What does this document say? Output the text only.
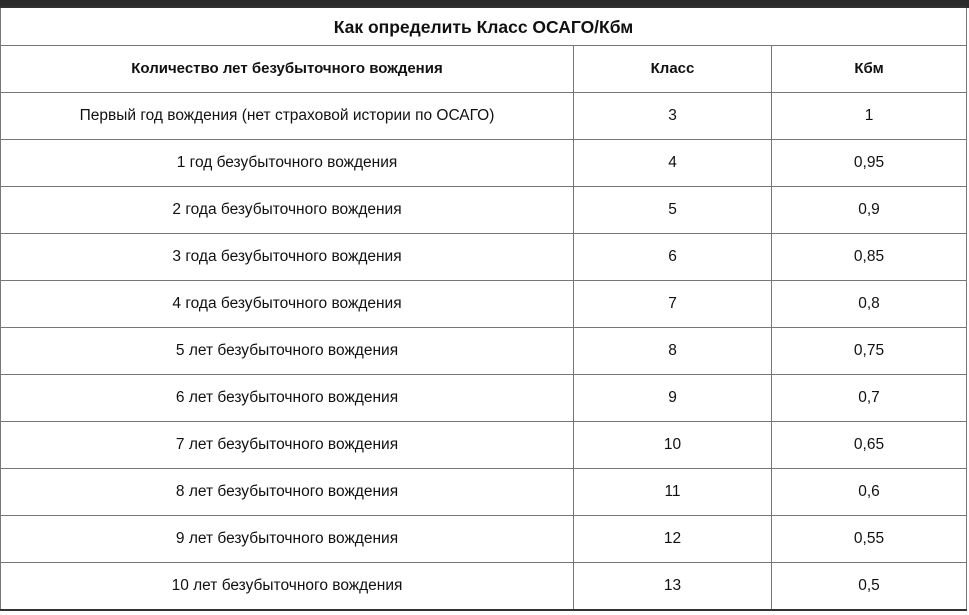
Как определить Класс ОСАГО/Кбм		
Количество лет безубыточного вождения	Класс	Кбм
Первый год вождения (нет страховой истории по ОСАГО)	3	1
1 год безубыточного вождения	4	0,95
2 года безубыточного вождения	5	0,9
3 года безубыточного вождения	6	0,85
4 года безубыточного вождения	7	0,8
5 лет безубыточного вождения	8	0,75
6 лет безубыточного вождения	9	0,7
7 лет безубыточного вождения	10	0,65
8 лет безубыточного вождения	11	0,6
9 лет безубыточного вождения	12	0,55
10 лет безубыточного вождения	13	0,5
